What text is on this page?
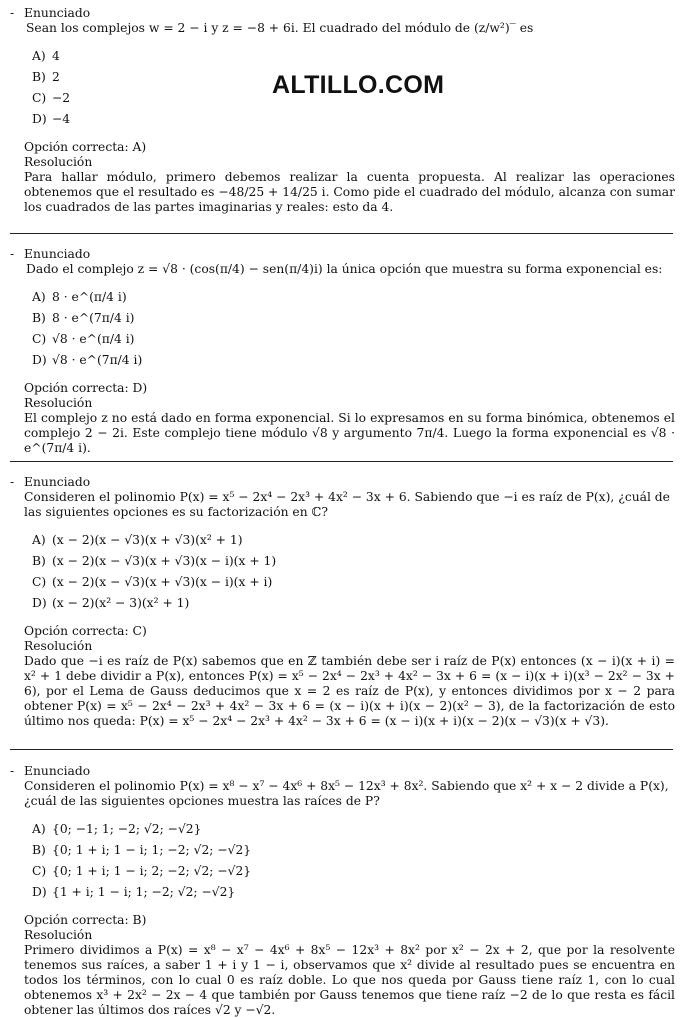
ALTILLO.COM
- Enunciado
Sean los complejos w = 2 − i y z = −8 + 6i. El cuadrado del módulo de (z/w²)‾ es
A) 4
B) 2
C) −2
D) −4
Opción correcta: A)
Resolución
Para hallar módulo, primero debemos realizar la cuenta propuesta. Al realizar las operaciones obtenemos que el resultado es −48/25 + 14/25 i. Como pide el cuadrado del módulo, alcanza con sumar los cuadrados de las partes imaginarias y reales: esto da 4.
- Enunciado
Dado el complejo z = √8 · (cos(π/4) − sen(π/4)i) la única opción que muestra su forma exponencial es:
A) 8 · e^(π/4 i)
B) 8 · e^(7π/4 i)
C) √8 · e^(π/4 i)
D) √8 · e^(7π/4 i)
Opción correcta: D)
Resolución
El complejo z no está dado en forma exponencial. Si lo expresamos en su forma binómica, obtenemos el complejo 2 − 2i. Este complejo tiene módulo √8 y argumento 7π/4. Luego la forma exponencial es √8 · e^(7π/4 i).
- Enunciado
Consideren el polinomio P(x) = x⁵ − 2x⁴ − 2x³ + 4x² − 3x + 6. Sabiendo que −i es raíz de P(x), ¿cuál de las siguientes opciones es su factorización en ℂ?
A) (x − 2)(x − √3)(x + √3)(x² + 1)
B) (x − 2)(x − √3)(x + √3)(x − i)(x + 1)
C) (x − 2)(x − √3)(x + √3)(x − i)(x + i)
D) (x − 2)(x² − 3)(x² + 1)
Opción correcta: C)
Resolución
Dado que −i es raíz de P(x) sabemos que en ℤ también debe ser i raíz de P(x) entonces (x − i)(x + i) = x² + 1 debe dividir a P(x), entonces P(x) = x⁵ − 2x⁴ − 2x³ + 4x² − 3x + 6 = (x − i)(x + i)(x³ − 2x² − 3x + 6), por el Lema de Gauss deducimos que x = 2 es raíz de P(x), y entonces dividimos por x − 2 para obtener P(x) = x⁵ − 2x⁴ − 2x³ + 4x² − 3x + 6 = (x − i)(x + i)(x − 2)(x² − 3), de la factorización de esto último nos queda: P(x) = x⁵ − 2x⁴ − 2x³ + 4x² − 3x + 6 = (x − i)(x + i)(x − 2)(x − √3)(x + √3).
- Enunciado
Consideren el polinomio P(x) = x⁸ − x⁷ − 4x⁶ + 8x⁵ − 12x³ + 8x². Sabiendo que x² + x − 2 divide a P(x), ¿cuál de las siguientes opciones muestra las raíces de P?
A) {0; −1; 1; −2; √2; −√2}
B) {0; 1 + i; 1 − i; 1; −2; √2; −√2}
C) {0; 1 + i; 1 − i; 2; −2; √2; −√2}
D) {1 + i; 1 − i; 1; −2; √2; −√2}
Opción correcta: B)
Resolución
Primero dividimos a P(x) = x⁸ − x⁷ − 4x⁶ + 8x⁵ − 12x³ + 8x² por x² − 2x + 2, que por la resolvente tenemos sus raíces, a saber 1 + i y 1 − i, observamos que x² divide al resultado pues se encuentra en todos los términos, con lo cual 0 es raíz doble. Lo que nos queda por Gauss tiene raíz 1, con lo cual obtenemos x³ + 2x² − 2x − 4 que también por Gauss tenemos que tiene raíz −2 de lo que resta es fácil obtener las últimos dos raíces √2 y −√2.
